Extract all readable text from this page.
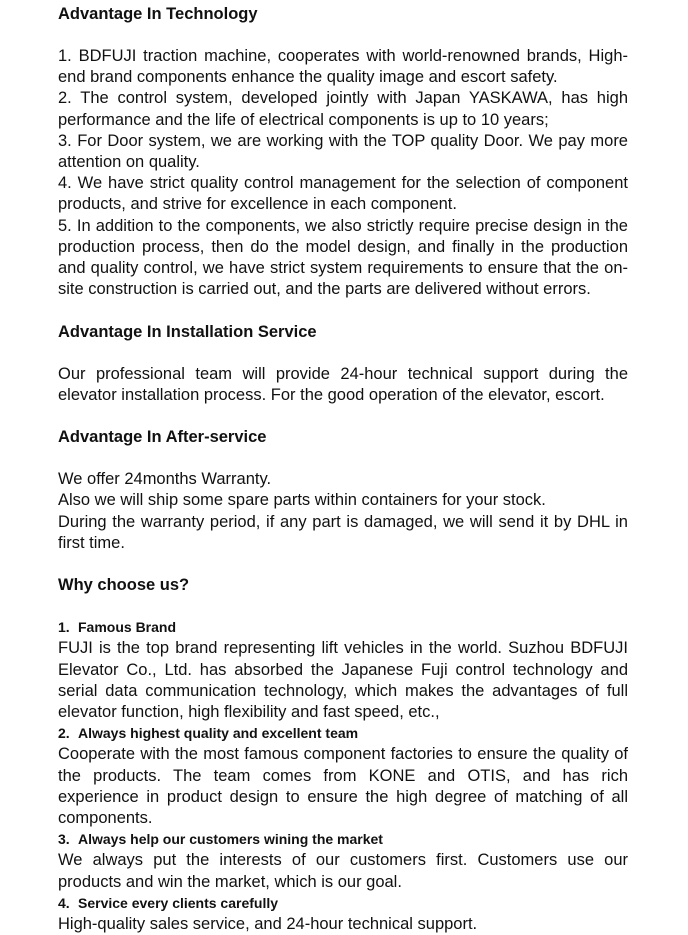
Advantage In Technology

1. BDFUJI traction machine, cooperates with world-renowned brands, High-end brand components enhance the quality image and escort safety.

2. The control system, developed jointly with Japan YASKAWA, has high performance and the life of electrical components is up to 10 years;

3. For Door system, we are working with the TOP quality Door. We pay more attention on quality.

4. We have strict quality control management for the selection of component products, and strive for excellence in each component.

5. In addition to the components, we also strictly require precise design in the production process, then do the model design, and finally in the production and quality control, we have strict system requirements to ensure that the on-site construction is carried out, and the parts are delivered without errors.

Advantage In Installation Service

Our professional team will provide 24-hour technical support during the elevator installation process. For the good operation of the elevator, escort.

Advantage In After-service

We offer 24months Warranty.

Also we will ship some spare parts within containers for your stock.

During the warranty period, if any part is damaged, we will send it by DHL in first time.

Why choose us?

1. Famous Brand

FUJI is the top brand representing lift vehicles in the world. Suzhou BDFUJI Elevator Co., Ltd. has absorbed the Japanese Fuji control technology and serial data communication technology, which makes the advantages of full elevator function, high flexibility and fast speed, etc.,

2. Always highest quality and excellent team

Cooperate with the most famous component factories to ensure the quality of the products. The team comes from KONE and OTIS, and has rich experience in product design to ensure the high degree of matching of all components.

3. Always help our customers wining the market

We always put the interests of our customers first. Customers use our products and win the market, which is our goal.

4. Service every clients carefully

High-quality sales service, and 24-hour technical support.
